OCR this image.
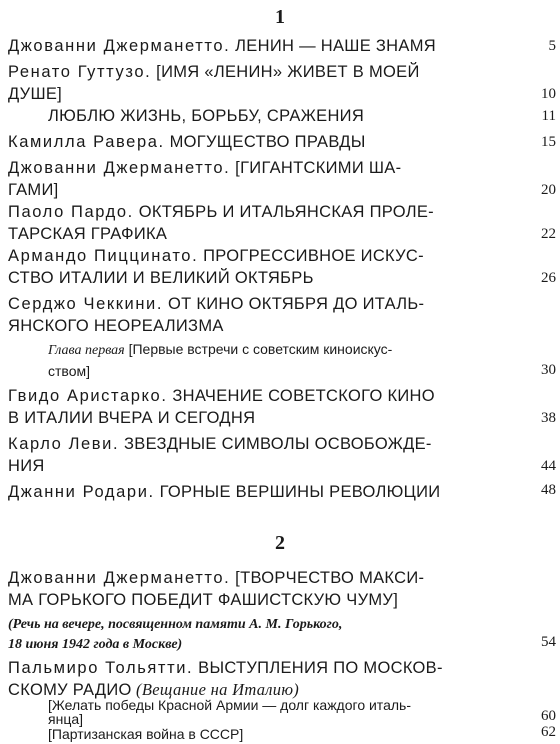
1
Джованни Джерманетто. ЛЕНИН — НАШЕ ЗНАМЯ	5
Ренато Гуттузо. [ИМЯ «ЛЕНИН» ЖИВЕТ В МОЕЙ
ДУШЕ]	10
ЛЮБЛЮ ЖИЗНЬ, БОРЬБУ, СРАЖЕНИЯ	11
Камилла Равера. МОГУЩЕСТВО ПРАВДЫ	15
Джованни Джерманетто. [ГИГАНТСКИМИ ША-
ГАМИ]	20
Паоло Пардо. ОКТЯБРЬ И ИТАЛЬЯНСКАЯ ПРОЛЕ-
ТАРСКАЯ ГРАФИКА	22
Армандо Пиццинато. ПРОГРЕССИВНОЕ ИСКУС-
СТВО ИТАЛИИ И ВЕЛИКИЙ ОКТЯБРЬ	26
Серджо Чеккини. ОТ КИНО ОКТЯБРЯ ДО ИТАЛЬ-
ЯНСКОГО НЕОРЕАЛИЗМА
Глава первая [Первые встречи с советским киноискус-
ством]	30
Гвидо Аристарко. ЗНАЧЕНИЕ СОВЕТСКОГО КИНО
В ИТАЛИИ ВЧЕРА И СЕГОДНЯ	38
Карло Леви. ЗВЕЗДНЫЕ СИМВОЛЫ ОСВОБОЖДЕ-
НИЯ	44
Джанни Родари. ГОРНЫЕ ВЕРШИНЫ РЕВОЛЮЦИИ	48
2
Джованни Джерманетто. [ТВОРЧЕСТВО МАКСИ-
МА ГОРЬКОГО ПОБЕДИТ ФАШИСТСКУЮ ЧУМУ]
(Речь на вечере, посвященном памяти А. М. Горького,
18 июня 1942 года в Москве)	54
Пальмиро Тольятти. ВЫСТУПЛЕНИЯ ПО МОСКОВ-
СКОМУ РАДИО (Вещание на Италию)
[Желать победы Красной Армии — долг каждого италь-
янца]	60
[Партизанская война в СССР]	62
